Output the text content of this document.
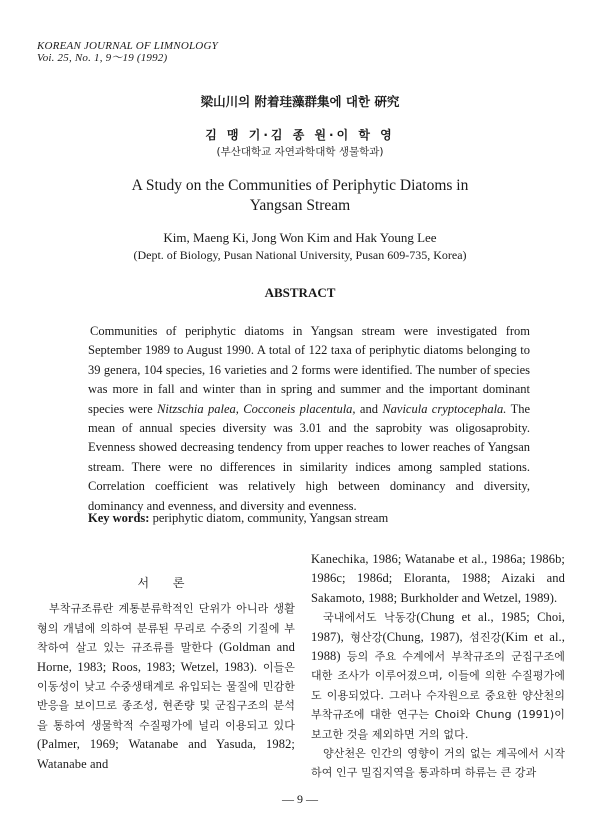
KOREAN JOURNAL OF LIMNOLOGY
Voi. 25, No. 1, 9～19 (1992)
梁山川의 附着珪藻群集에 대한 硏究
김 맹 기·김 종 원·이 학 영
(부산대학교 자연과학대학 생물학과)
A Study on the Communities of Periphytic Diatoms in
Yangsan Stream
Kim, Maeng Ki, Jong Won Kim and Hak Young Lee
(Dept. of Biology, Pusan National University, Pusan 609-735, Korea)
ABSTRACT
Communities of periphytic diatoms in Yangsan stream were investigated from September 1989 to August 1990. A total of 122 taxa of periphytic diatoms belonging to 39 genera, 104 species, 16 varieties and 2 forms were identified. The number of species was more in fall and winter than in spring and summer and the important dominant species were Nitzschia palea, Cocconeis placentula, and Navicula cryptocephala. The mean of annual species diversity was 3.01 and the saprobity was oligosaprobity. Evenness showed decreasing tendency from upper reaches to lower reaches of Yangsan stream. There were no differences in similarity indices among sampled stations. Correlation coefficient was relatively high between dominancy and diversity, dominancy and evenness, and diversity and evenness.
Key words: periphytic diatom, community, Yangsan stream
서 론
부착규조류란 계통분류학적인 단위가 아니라 생활형의 개념에 의하여 분류된 무리로 수중의 기질에 부착하여 살고 있는 규조류를 말한다 (Goldman and Horne, 1983; Roos, 1983; Wetzel, 1983). 이들은 이동성이 낮고 수중생태계로 유입되는 물질에 민감한 반응을 보이므로 종조성, 현존량 및 군집구조의 분석을 통하여 생물학적 수질평가에 널리 이용되고 있다(Palmer, 1969; Watanabe and Yasuda, 1982; Watanabe and
Kanechika, 1986; Watanabe et al., 1986a; 1986b; 1986c; 1986d; Eloranta, 1988; Aizaki and Sakamoto, 1988; Burkholder and Wetzel, 1989).
국내에서도 낙동강(Chung et al., 1985; Choi, 1987), 형산강(Chung, 1987), 섬진강(Kim et al., 1988) 등의 주요 수계에서 부착규조의 군집구조에 대한 조사가 이루어졌으며, 이들에 의한 수질평가에도 이용되었다. 그러나 수자원으로 중요한 양산천의 부착규조에 대한 연구는 Choi와 Chung (1991)이 보고한 것을 제외하면 거의 없다.
양산천은 인간의 영향이 거의 없는 계곡에서 시작하여 인구 밀집지역을 통과하며 하류는 큰 강과
— 9 —
